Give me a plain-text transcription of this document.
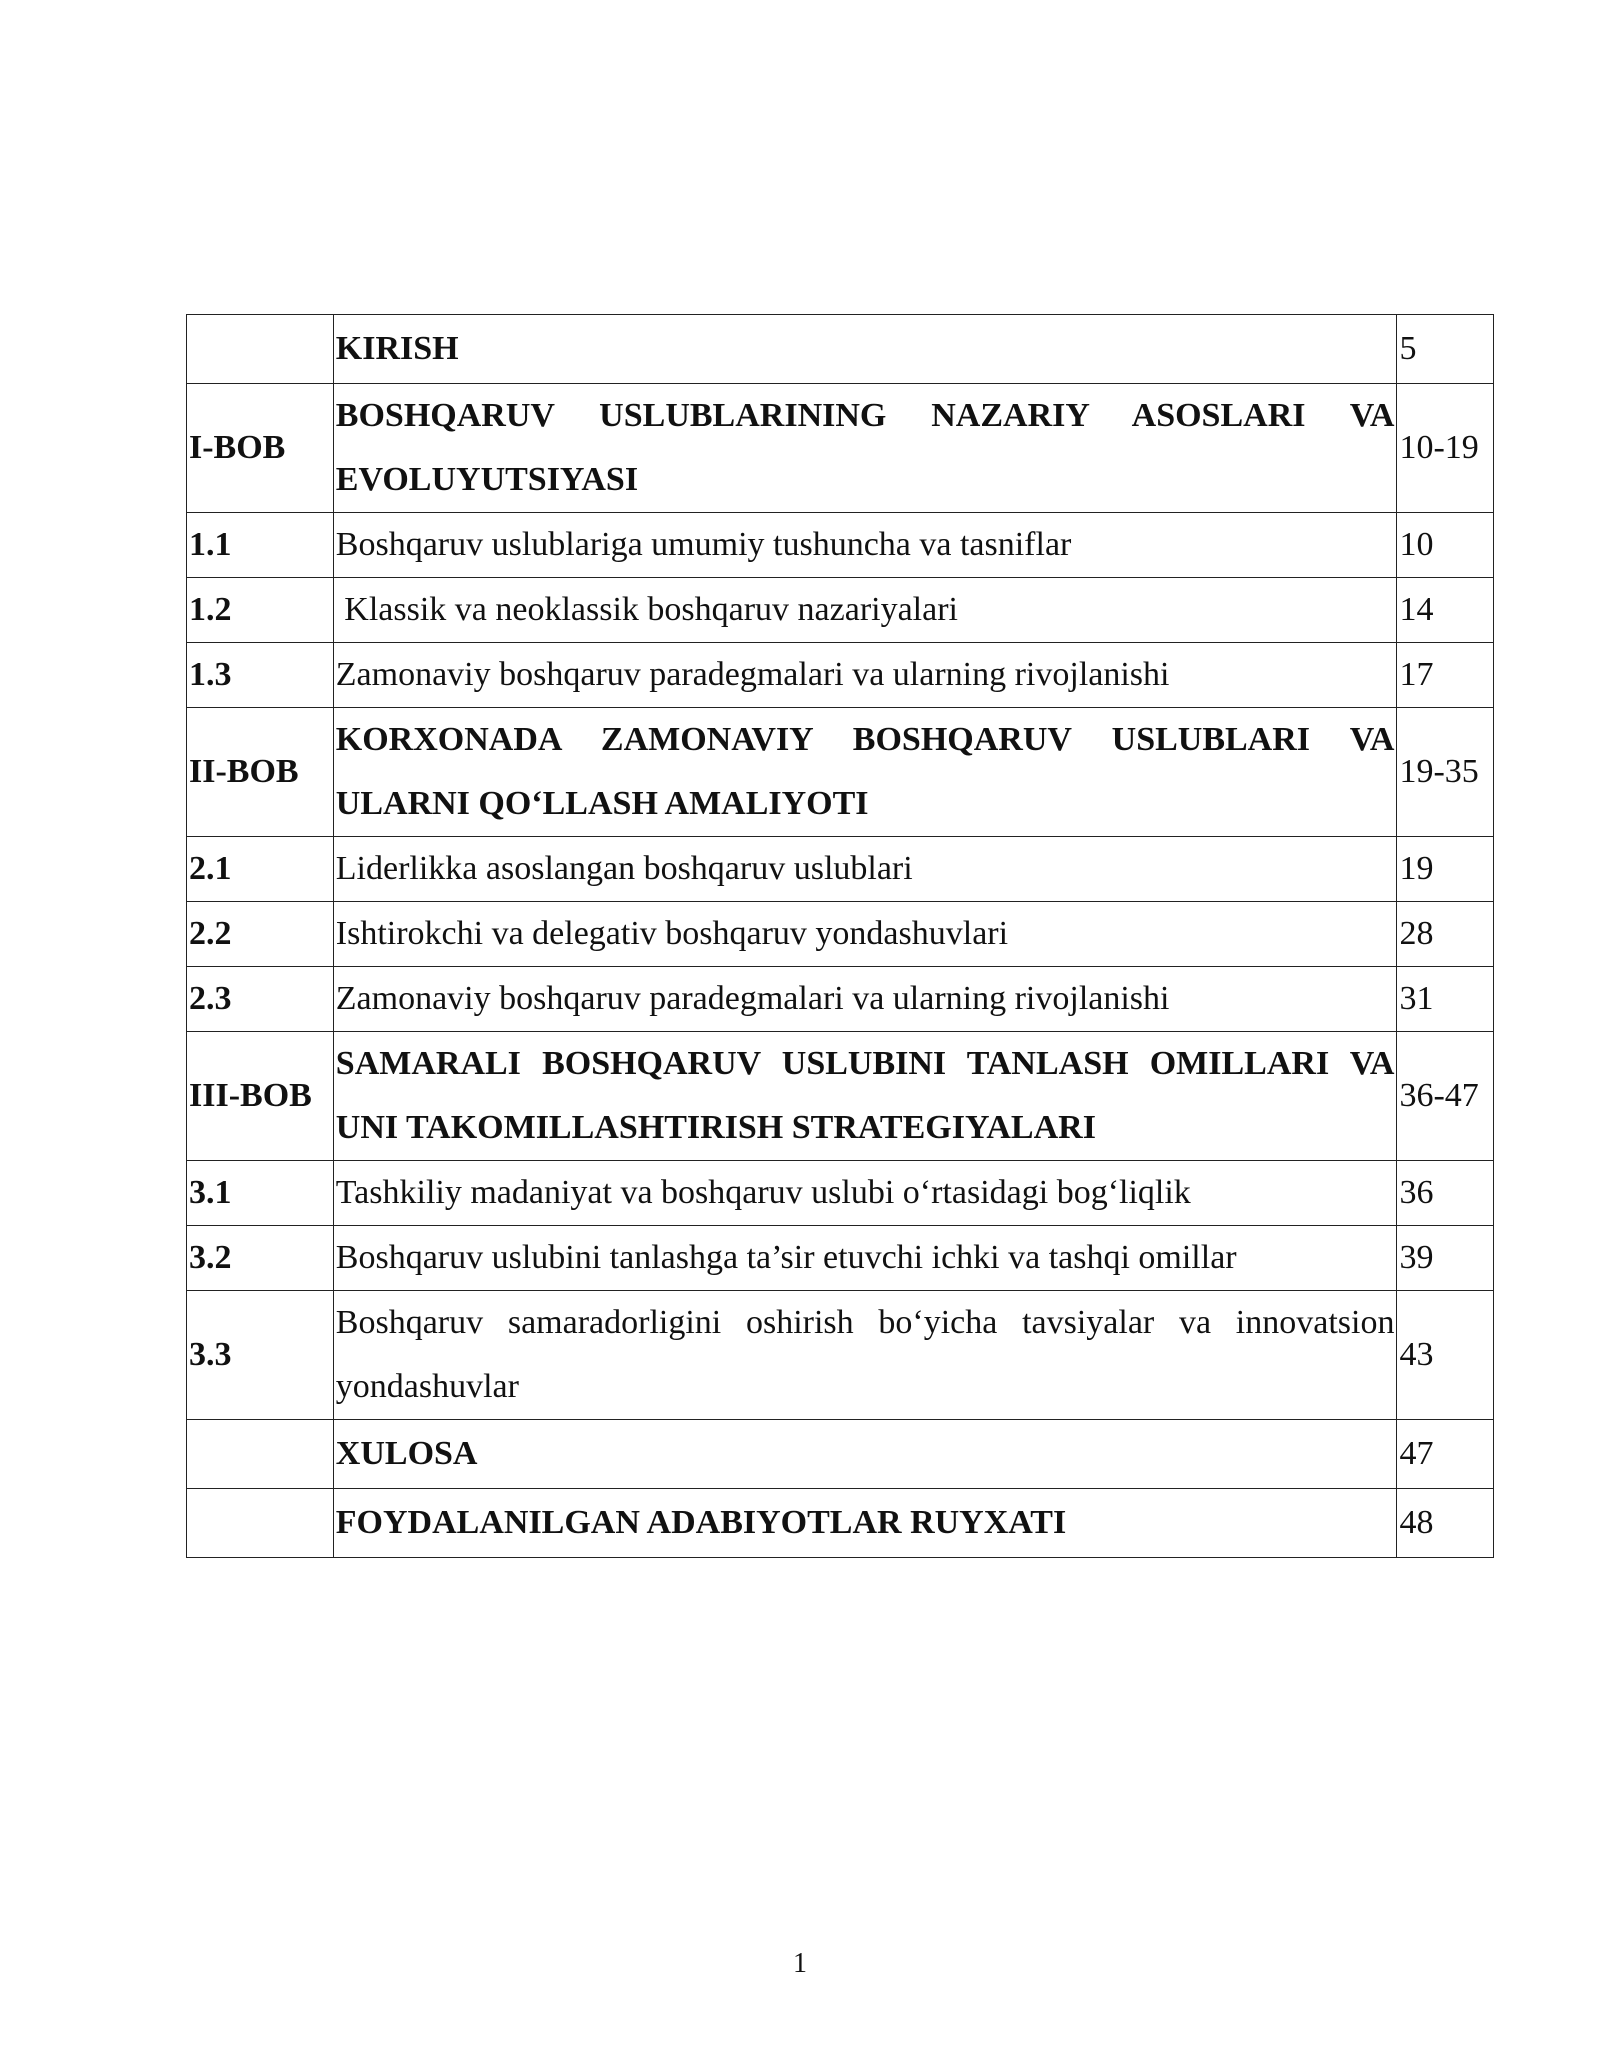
	KIRISH	5
I-BOB	BOSHQARUV USLUBLARINING NAZARIY ASOSLARI VA EVOLUYUTSIYASI	10-19
1.1	Boshqaruv uslublariga umumiy tushuncha va tasniflar	10
1.2	Klassik va neoklassik boshqaruv nazariyalari	14
1.3	Zamonaviy boshqaruv paradegmalari va ularning rivojlanishi	17
II-BOB	KORXONADA ZAMONAVIY BOSHQARUV USLUBLARI VA ULARNI QO‘LLASH AMALIYOTI	19-35
2.1	Liderlikka asoslangan boshqaruv uslublari	19
2.2	Ishtirokchi va delegativ boshqaruv yondashuvlari	28
2.3	Zamonaviy boshqaruv paradegmalari va ularning rivojlanishi	31
III-BOB	SAMARALI BOSHQARUV USLUBINI TANLASH OMILLARI VA UNI TAKOMILLASHTIRISH STRATEGIYALARI	36-47
3.1	Tashkiliy madaniyat va boshqaruv uslubi o‘rtasidagi bog‘liqlik	36
3.2	Boshqaruv uslubini tanlashga ta’sir etuvchi ichki va tashqi omillar	39
3.3	Boshqaruv samaradorligini oshirish bo‘yicha tavsiyalar va innovatsion yondashuvlar	43
	XULOSA	47
	FOYDALANILGAN ADABIYOTLAR RUYXATI	48
1
